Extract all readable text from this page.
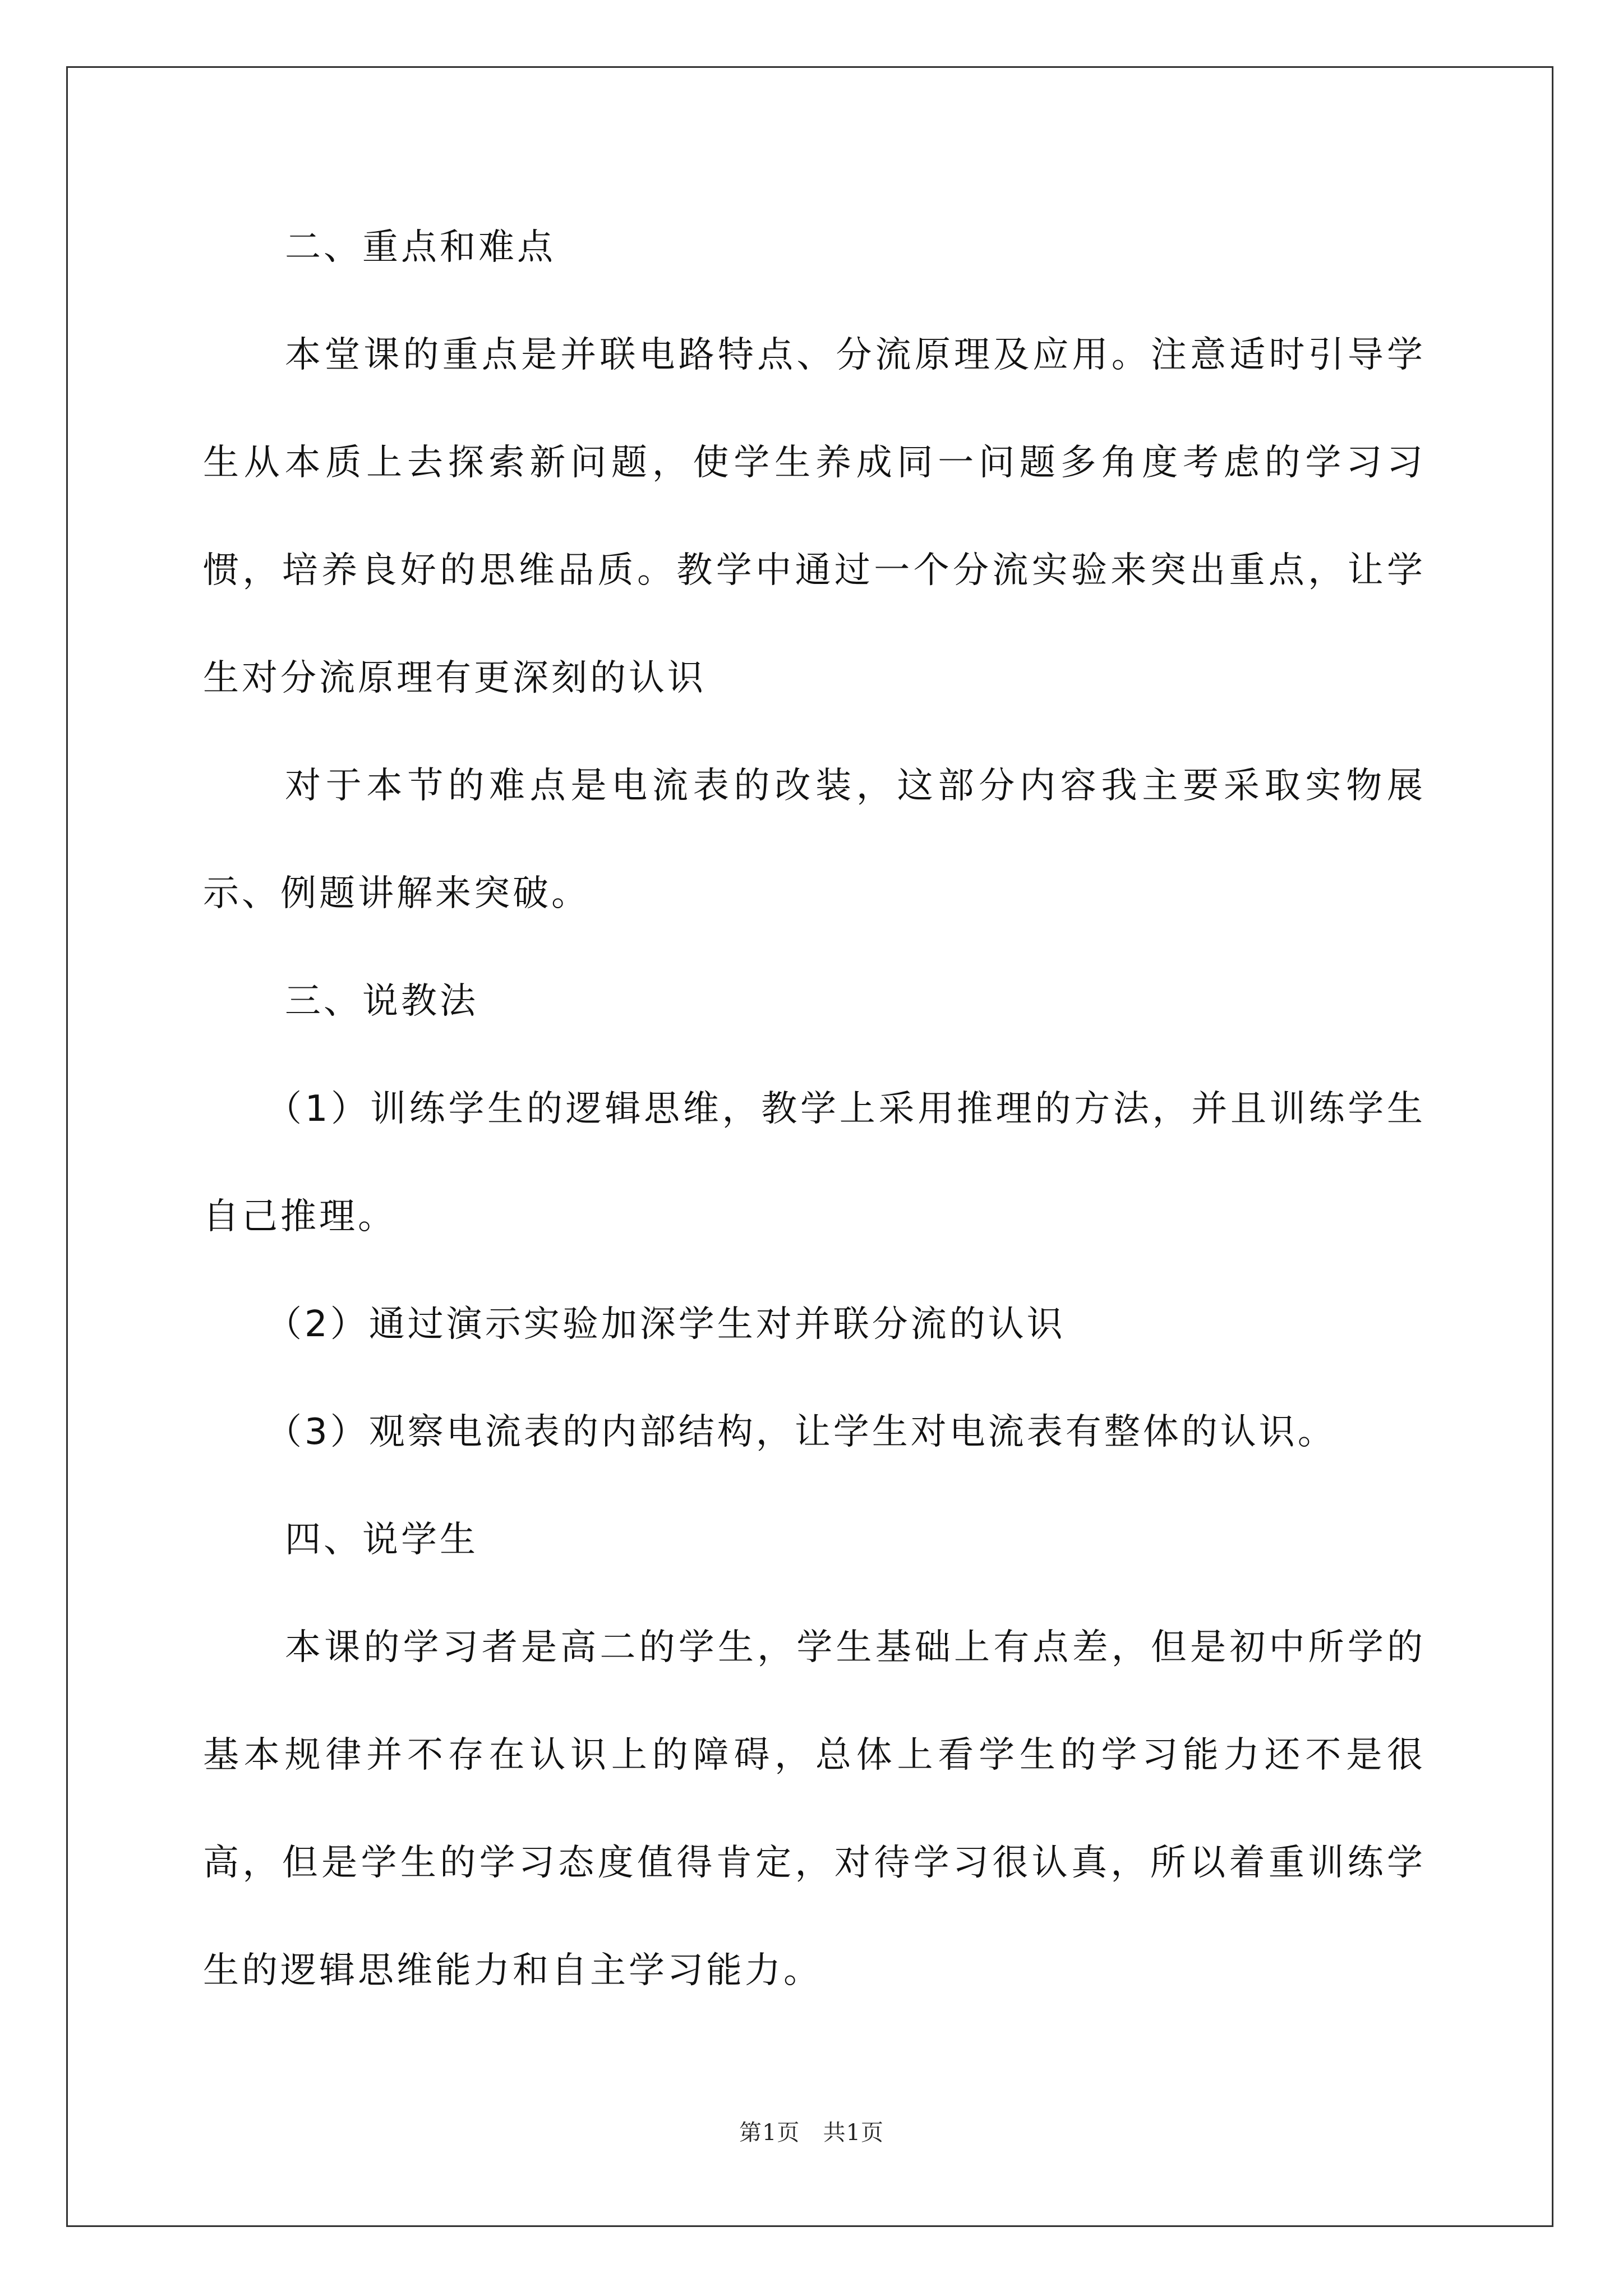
二、重点和难点

本堂课的重点是并联电路特点、分流原理及应用。注意适时引导学生从本质上去探索新问题，使学生养成同一问题多角度考虑的学习习惯，培养良好的思维品质。教学中通过一个分流实验来突出重点，让学生对分流原理有更深刻的认识

对于本节的难点是电流表的改装，这部分内容我主要采取实物展示、例题讲解来突破。

三、说教法

（1）训练学生的逻辑思维，教学上采用推理的方法，并且训练学生自己推理。

（2）通过演示实验加深学生对并联分流的认识

（3）观察电流表的内部结构，让学生对电流表有整体的认识。

四、说学生

本课的学习者是高二的学生，学生基础上有点差，但是初中所学的基本规律并不存在认识上的障碍，总体上看学生的学习能力还不是很高，但是学生的学习态度值得肯定，对待学习很认真，所以着重训练学生的逻辑思维能力和自主学习能力。

第1页 共1页
